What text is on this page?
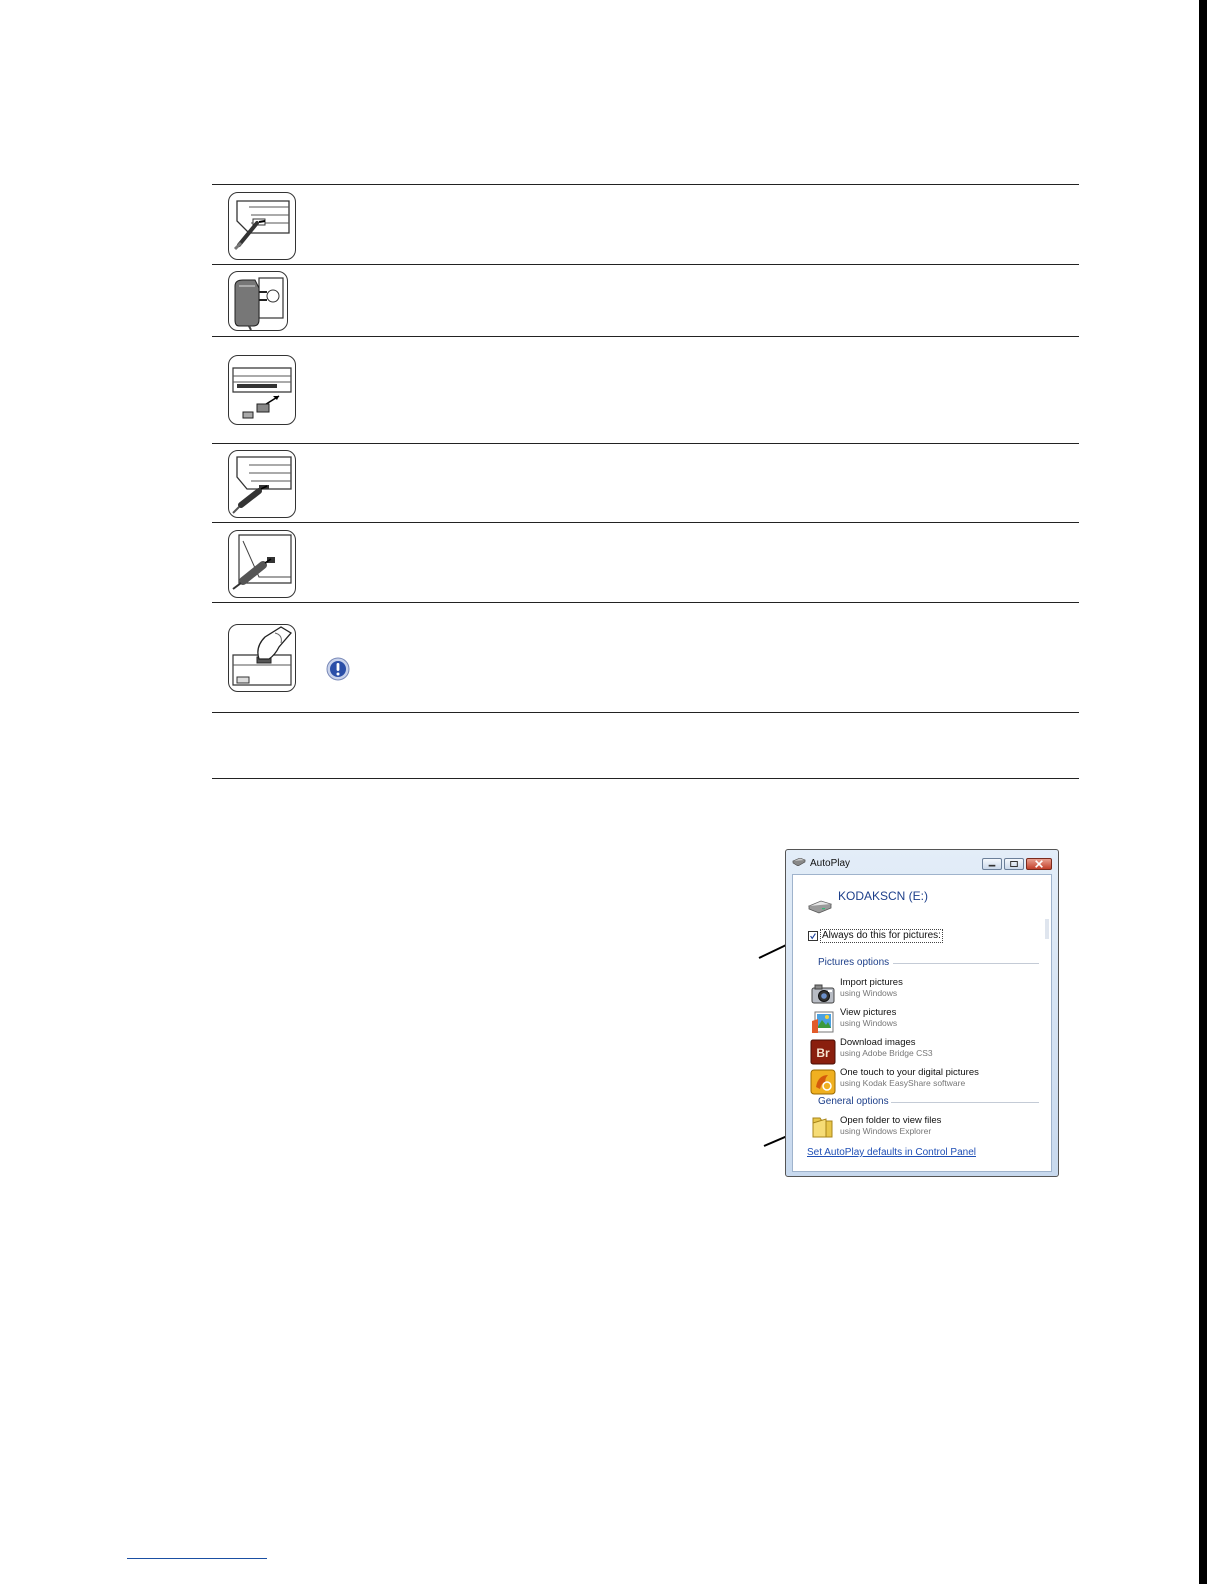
AutoPlay
KODAKSCN (E:)
Always do this for pictures:
Pictures options
Import pictures
using Windows
View pictures
using Windows
Br
Download images
using Adobe Bridge CS3
One touch to your digital pictures
using Kodak EasyShare software
General options
Open folder to view files
using Windows Explorer
Set AutoPlay defaults in Control Panel
